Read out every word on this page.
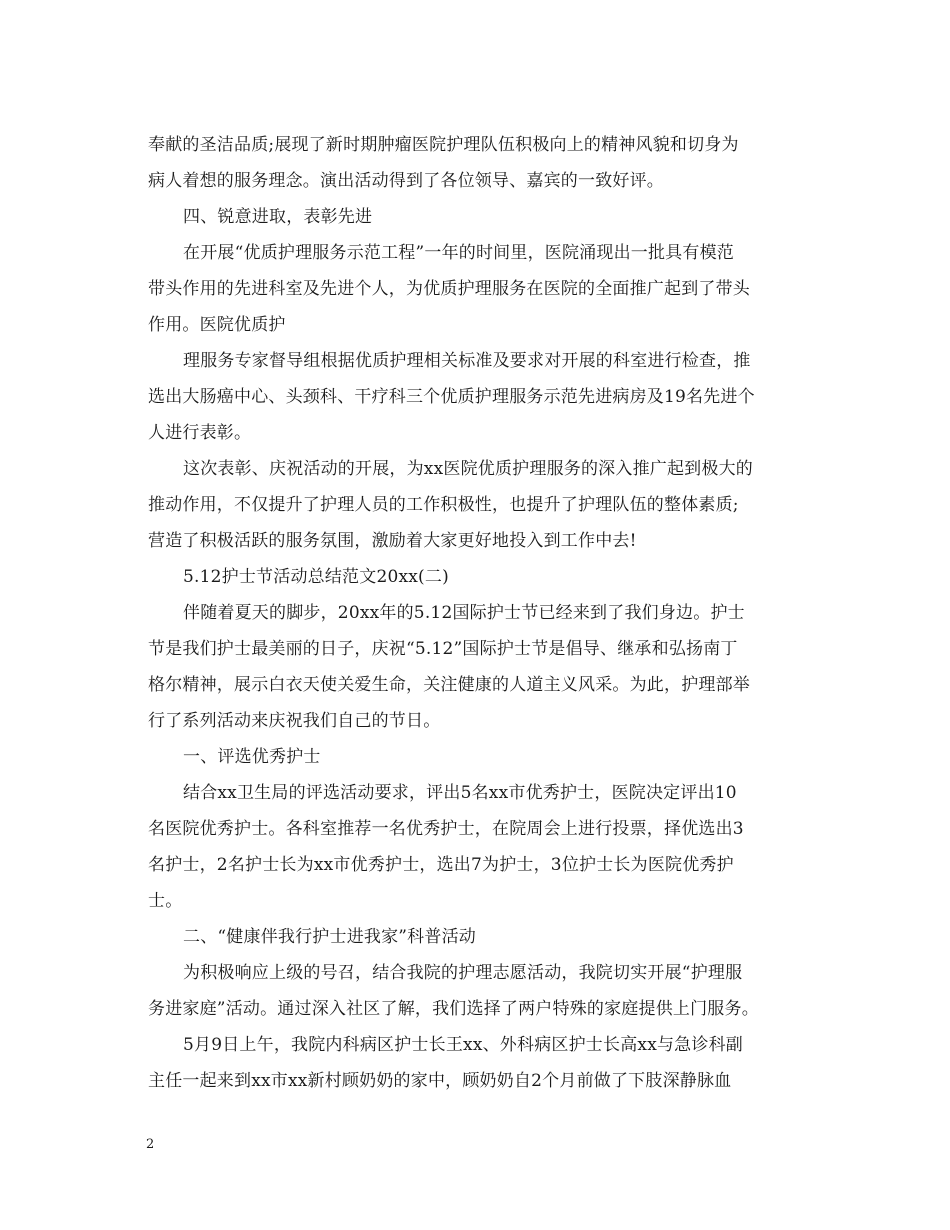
奉献的圣洁品质;展现了新时期肿瘤医院护理队伍积极向上的精神风貌和切身为
病人着想的服务理念。演出活动得到了各位领导、嘉宾的一致好评。
四、锐意进取，表彰先进
在开展“优质护理服务示范工程”一年的时间里，医院涌现出一批具有模范
带头作用的先进科室及先进个人，为优质护理服务在医院的全面推广起到了带头
作用。医院优质护
理服务专家督导组根据优质护理相关标准及要求对开展的科室进行检查，推
选出大肠癌中心、头颈科、干疗科三个优质护理服务示范先进病房及19名先进个
人进行表彰。
这次表彰、庆祝活动的开展，为xx医院优质护理服务的深入推广起到极大的
推动作用，不仅提升了护理人员的工作积极性，也提升了护理队伍的整体素质;
营造了积极活跃的服务氛围，激励着大家更好地投入到工作中去!
5.12护士节活动总结范文20xx(二)
伴随着夏天的脚步，20xx年的5.12国际护士节已经来到了我们身边。护士
节是我们护士最美丽的日子，庆祝“5.12”国际护士节是倡导、继承和弘扬南丁
格尔精神，展示白衣天使关爱生命，关注健康的人道主义风采。为此，护理部举
行了系列活动来庆祝我们自己的节日。
一、评选优秀护士
结合xx卫生局的评选活动要求，评出5名xx市优秀护士，医院决定评出10
名医院优秀护士。各科室推荐一名优秀护士，在院周会上进行投票，择优选出3
名护士，2名护士长为xx市优秀护士，选出7为护士，3位护士长为医院优秀护
士。
二、“健康伴我行护士进我家”科普活动
为积极响应上级的号召，结合我院的护理志愿活动，我院切实开展“护理服
务进家庭”活动。通过深入社区了解，我们选择了两户特殊的家庭提供上门服务。
5月9日上午，我院内科病区护士长王xx、外科病区护士长高xx与急诊科副
主任一起来到xx市xx新村顾奶奶的家中，顾奶奶自2个月前做了下肢深静脉血
2
